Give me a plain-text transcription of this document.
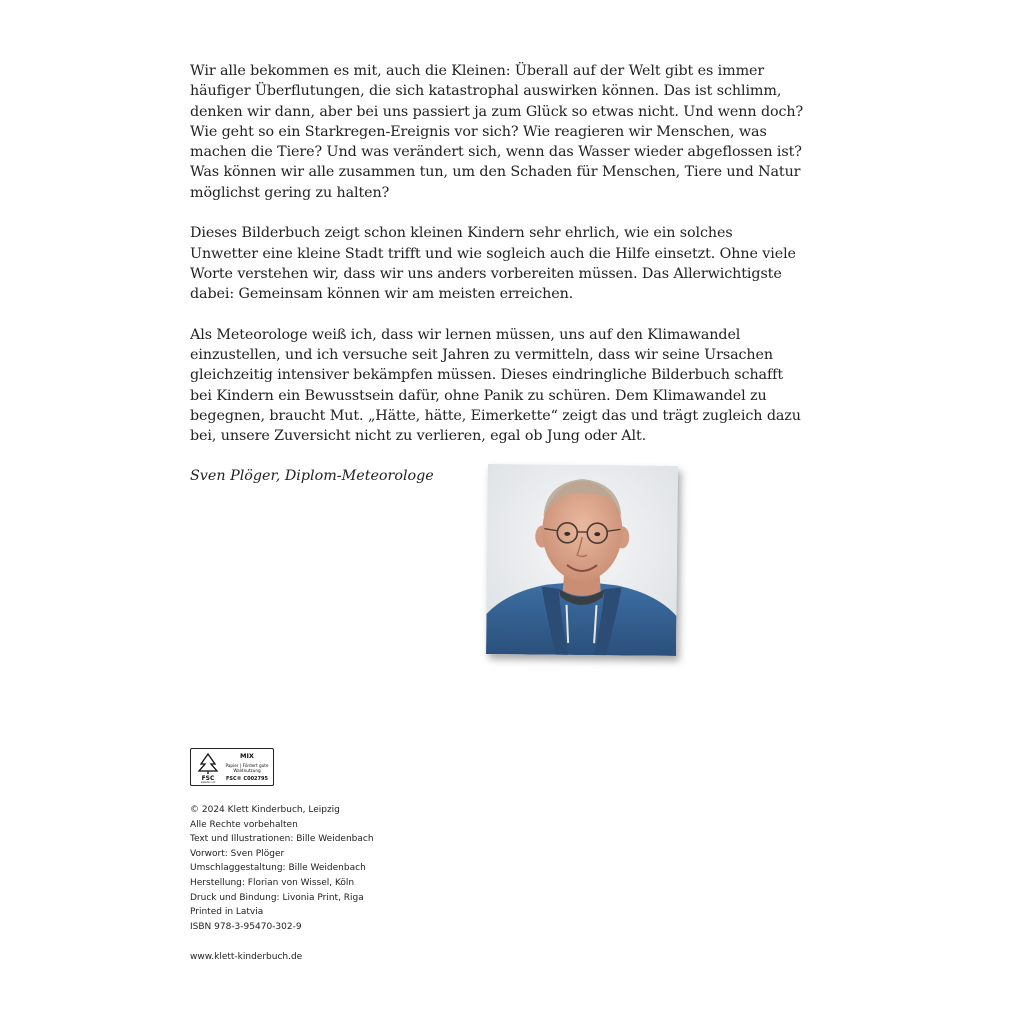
Wir alle bekommen es mit, auch die Kleinen: Überall auf der Welt gibt es immer häufiger Überflutungen, die sich katastrophal auswirken können. Das ist schlimm, denken wir dann, aber bei uns passiert ja zum Glück so etwas nicht. Und wenn doch? Wie geht so ein Starkregen-Ereignis vor sich? Wie reagieren wir Menschen, was machen die Tiere? Und was verändert sich, wenn das Wasser wieder abgeflossen ist? Was können wir alle zusammen tun, um den Schaden für Menschen, Tiere und Natur möglichst gering zu halten?

Dieses Bilderbuch zeigt schon kleinen Kindern sehr ehrlich, wie ein solches Unwetter eine kleine Stadt trifft und wie sogleich auch die Hilfe einsetzt. Ohne viele Worte verstehen wir, dass wir uns anders vorbereiten müssen. Das Allerwichtigste dabei: Gemeinsam können wir am meisten erreichen.

Als Meteorologe weiß ich, dass wir lernen müssen, uns auf den Klimawandel einzustellen, und ich versuche seit Jahren zu vermitteln, dass wir seine Ursachen gleichzeitig intensiver bekämpfen müssen. Dieses eindringliche Bilderbuch schafft bei Kindern ein Bewusstsein dafür, ohne Panik zu schüren. Dem Klimawandel zu begegnen, braucht Mut. „Hätte, hätte, Eimerkette“ zeigt das und trägt zugleich dazu bei, unsere Zuversicht nicht zu verlieren, egal ob Jung oder Alt.

Sven Plöger, Diplom-Meteorologe
FSC
www.fsc.org
MIX
Papier | Fördert gute Waldnutzung
FSC® C002795
© 2024 Klett Kinderbuch, Leipzig
Alle Rechte vorbehalten
Text und Illustrationen: Bille Weidenbach
Vorwort: Sven Plöger
Umschlaggestaltung: Bille Weidenbach
Herstellung: Florian von Wissel, Köln
Druck und Bindung: Livonia Print, Riga
Printed in Latvia
ISBN 978-3-95470-302-9
www.klett-kinderbuch.de
